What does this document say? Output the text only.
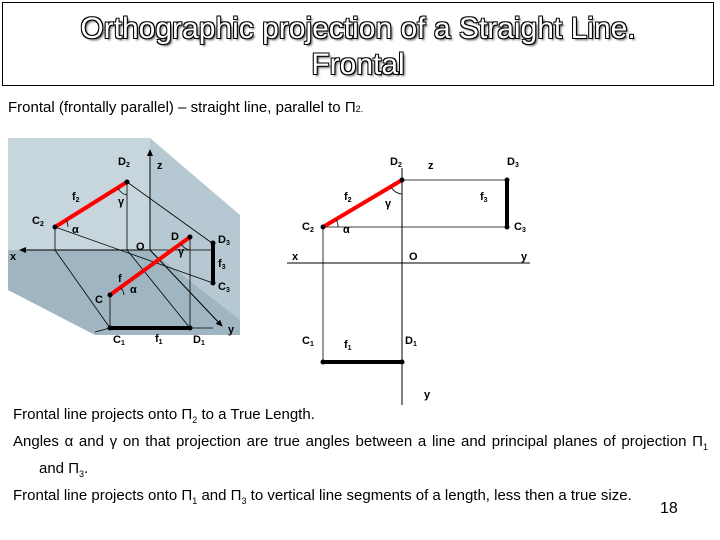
Orthographic projection of a Straight Line.
Frontal
Frontal (frontally parallel) – straight line, parallel to Π2.
D2 z
f2	γ
C2	α
O
D	D3
x	γ
f3
f
α	C3
C
y
C1	f1	D1
D2 z	D3
f2	γ
f3
C2	α	C3
x	O	y
C1	f1
D1
y

Frontal line projects onto $\Pi_2$ to a True Length.

Angles α and γ on that projection are true angles between a line and principal planes of projection $\Pi_1$ and $\Pi_3$.

Frontal line projects onto $\Pi_1$ and $\Pi_3$ to vertical line segments of a length, less then a true size.

18
